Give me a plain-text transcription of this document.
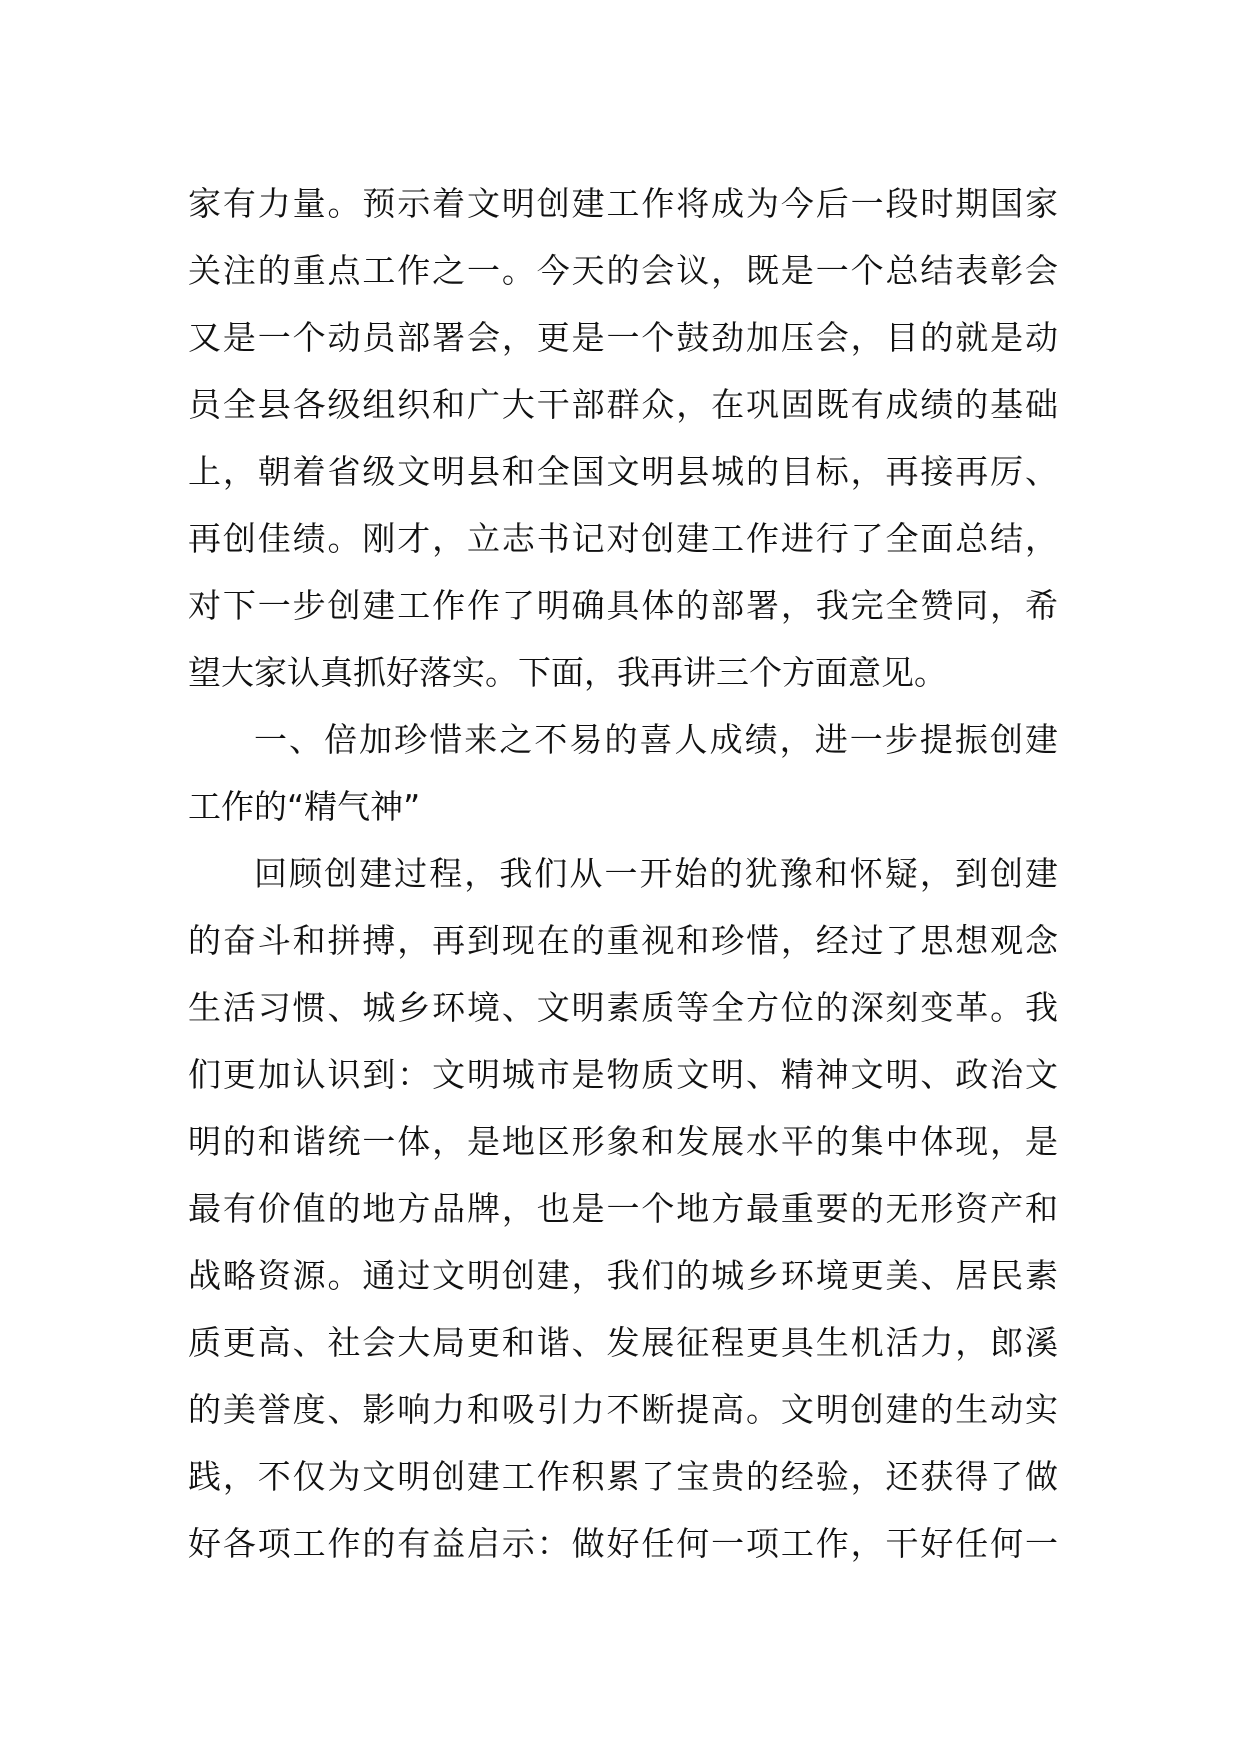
家有力量。预示着文明创建工作将成为今后一段时期国家
关注的重点工作之一。今天的会议，既是一个总结表彰会
又是一个动员部署会，更是一个鼓劲加压会，目的就是动
员全县各级组织和广大干部群众，在巩固既有成绩的基础
上，朝着省级文明县和全国文明县城的目标，再接再厉、
再创佳绩。刚才，立志书记对创建工作进行了全面总结，
对下一步创建工作作了明确具体的部署，我完全赞同，希
望大家认真抓好落实。下面，我再讲三个方面意见。
一、倍加珍惜来之不易的喜人成绩，进一步提振创建
工作的“精气神”
回顾创建过程，我们从一开始的犹豫和怀疑，到创建
的奋斗和拼搏，再到现在的重视和珍惜，经过了思想观念
生活习惯、城乡环境、文明素质等全方位的深刻变革。我
们更加认识到：文明城市是物质文明、精神文明、政治文
明的和谐统一体，是地区形象和发展水平的集中体现，是
最有价值的地方品牌，也是一个地方最重要的无形资产和
战略资源。通过文明创建，我们的城乡环境更美、居民素
质更高、社会大局更和谐、发展征程更具生机活力，郎溪
的美誉度、影响力和吸引力不断提高。文明创建的生动实
践，不仅为文明创建工作积累了宝贵的经验，还获得了做
好各项工作的有益启示：做好任何一项工作，干好任何一
